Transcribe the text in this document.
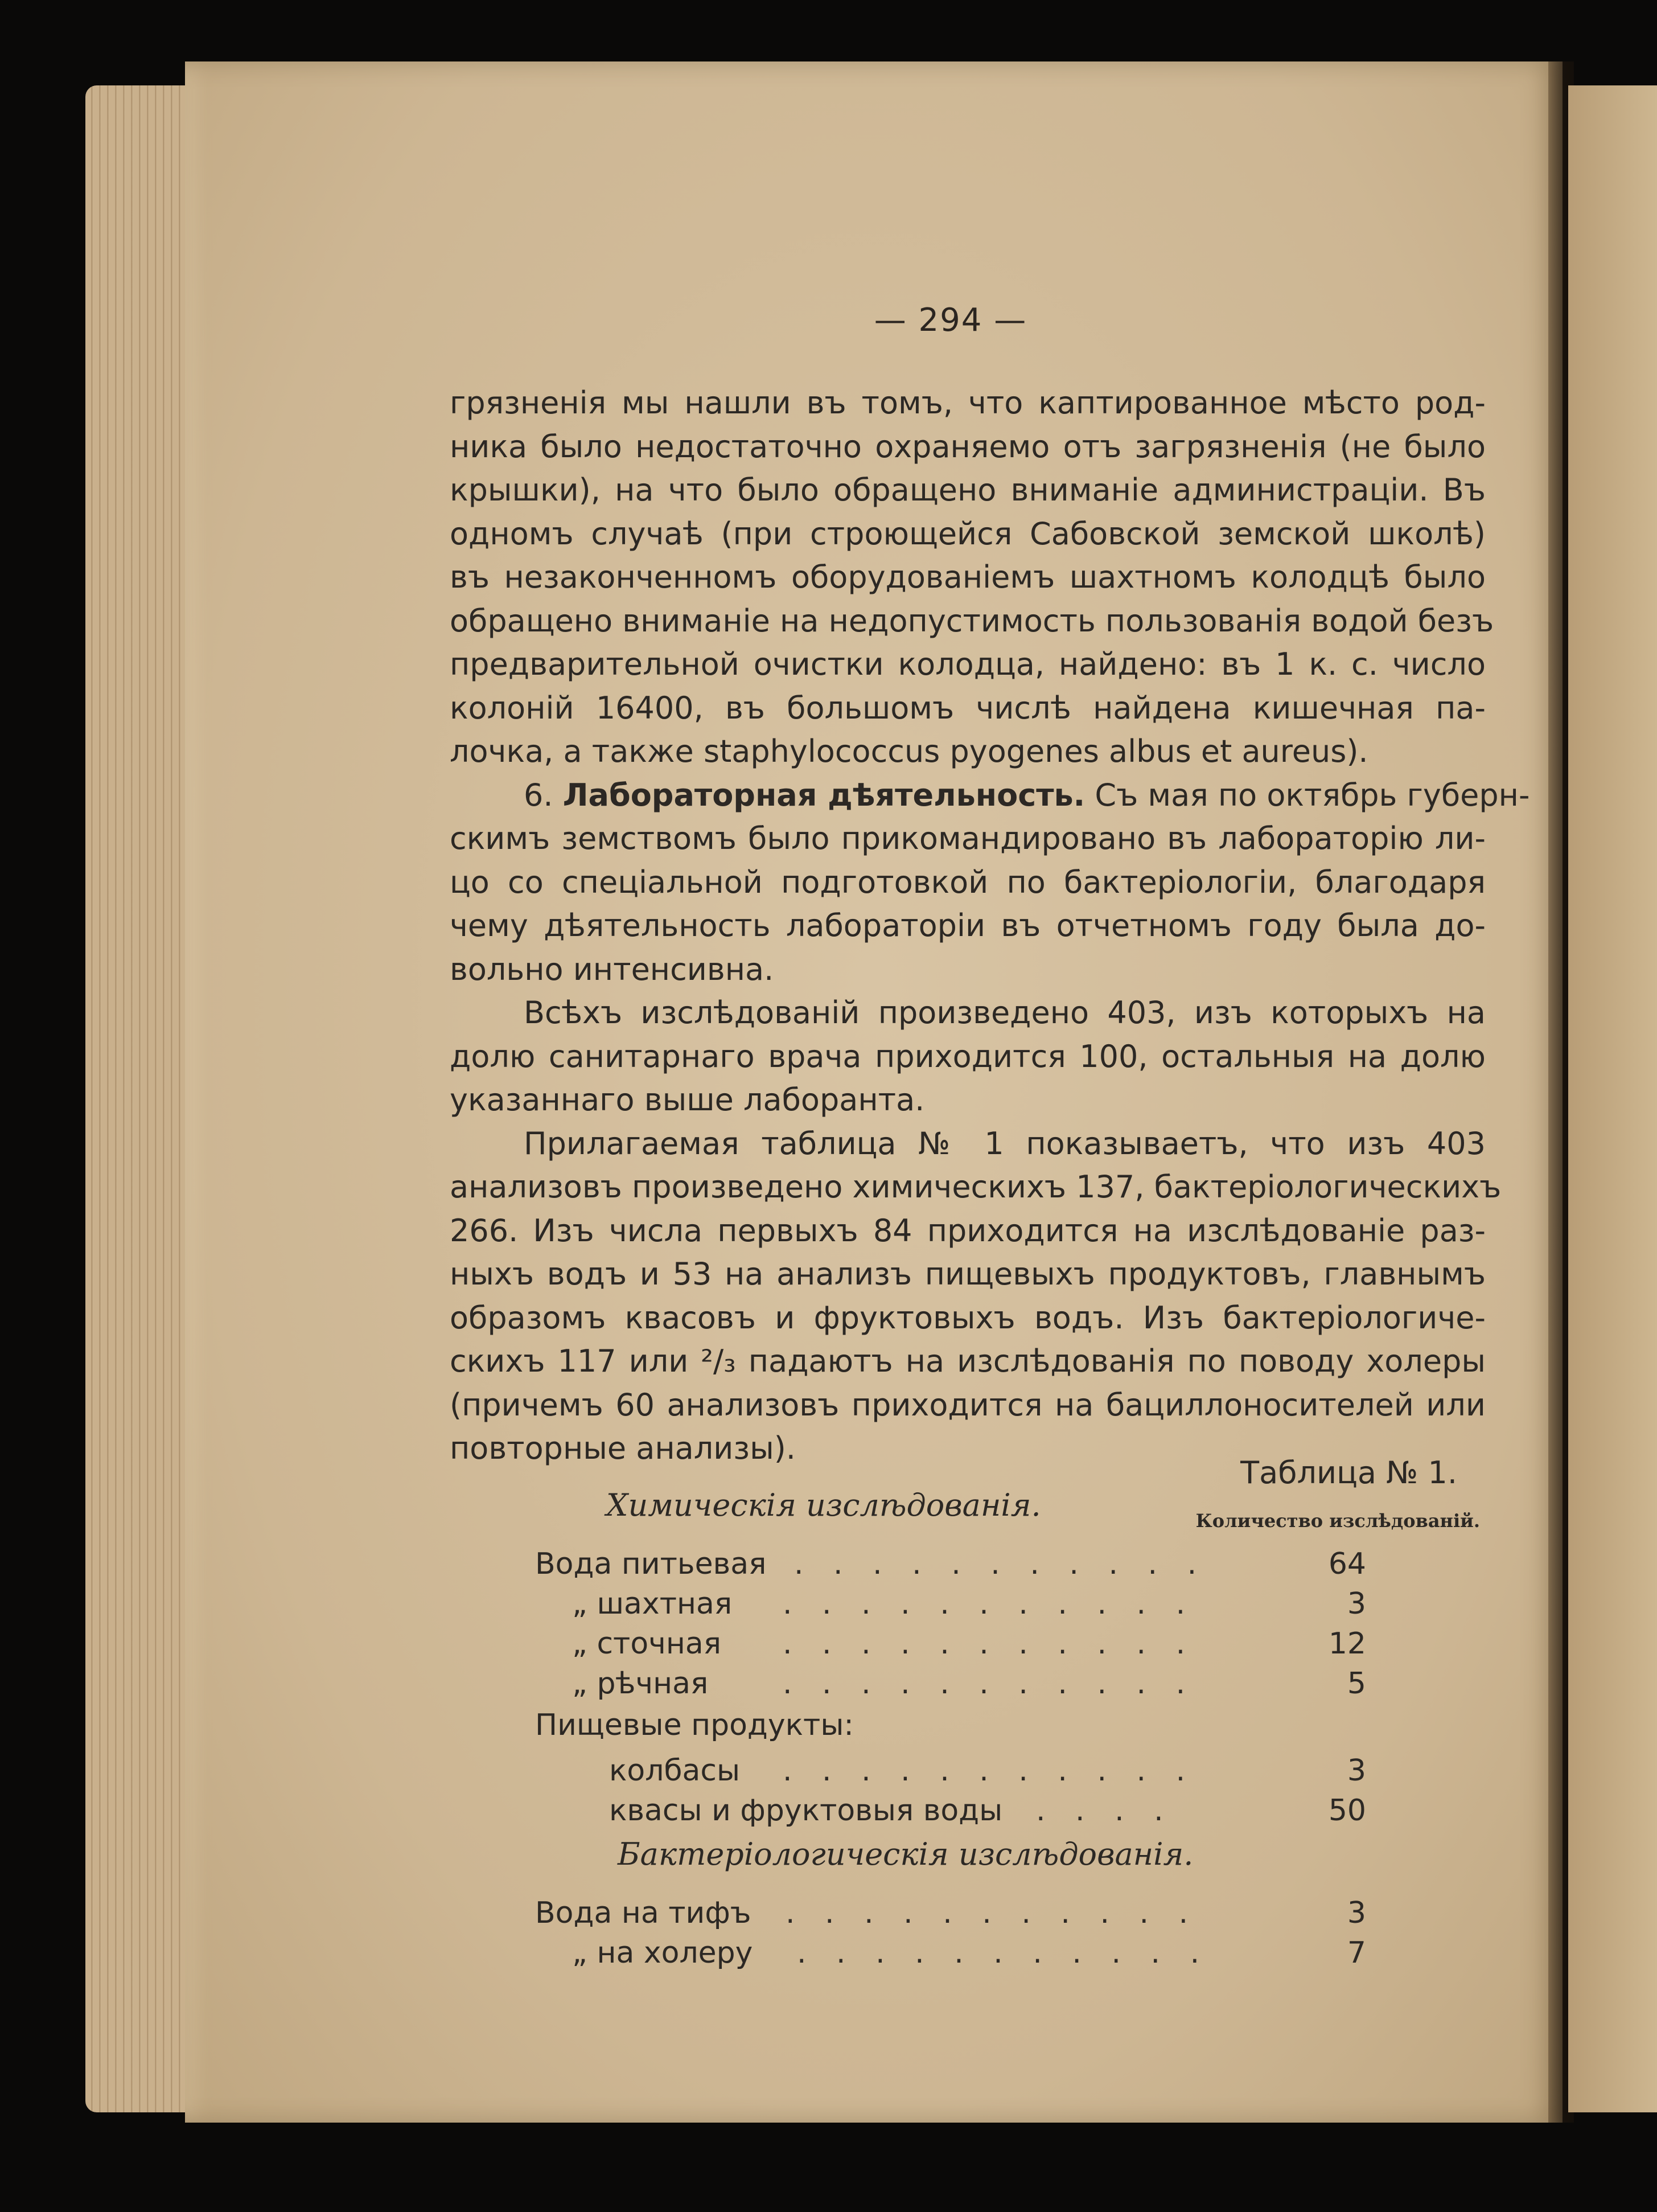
— 294 —
грязненія мы нашли въ томъ, что каптированное мѣсто род-
ника было недостаточно охраняемо отъ загрязненія (не было
крышки), на что было обращено вниманіе администраціи. Въ
одномъ случаѣ (при строющейся Сабовской земской школѣ)
въ незаконченномъ оборудованіемъ шахтномъ колодцѣ было
обращено вниманіе на недопустимость пользованія водой безъ
предварительной очистки колодца, найдено: въ 1 к. с. число
колоній 16400, въ большомъ числѣ найдена кишечная па-
лочка, а также staphylococcus pyogenes albus et aureus).
6. Лабораторная дѣятельность. Съ мая по октябрь губерн-
скимъ земствомъ было прикомандировано въ лабораторію ли-
цо со спеціальной подготовкой по бактеріологіи, благодаря
чему дѣятельность лабораторіи въ отчетномъ году была до-
вольно интенсивна.
Всѣхъ изслѣдованій произведено 403, изъ которыхъ на
долю санитарнаго врача приходится 100, остальныя на долю
указаннаго выше лаборанта.
Прилагаемая таблица № 1 показываетъ, что изъ 403
анализовъ произведено химическихъ 137, бактеріологическихъ
266. Изъ числа первыхъ 84 приходится на изслѣдованіе раз-
ныхъ водъ и 53 на анализъ пищевыхъ продуктовъ, главнымъ
образомъ квасовъ и фруктовыхъ водъ. Изъ бактеріологиче-
скихъ 117 или ²/₃ падаютъ на изслѣдованія по поводу холеры
(причемъ 60 анализовъ приходится на бациллоносителей или
повторные анализы).
Таблица № 1.
Количество изслѣдованій.
Химическія изслѣдованія.
Вода питьевая . . . . . . . . . . .	64
„ шахтная . . . . . . . . . . .	3
„ сточная . . . . . . . . . . .	12
„ рѣчная	. . . . . . . . . . .	5
Пищевые продукты:
колбасы . . . . . . . . . . .	3
квасы и фруктовыя воды . . . .	50
Бактеріологическія изслѣдованія.
Вода на тифъ . . . . . . . . . . .	3
„ на холеру . . . . . . . . . . .	7
